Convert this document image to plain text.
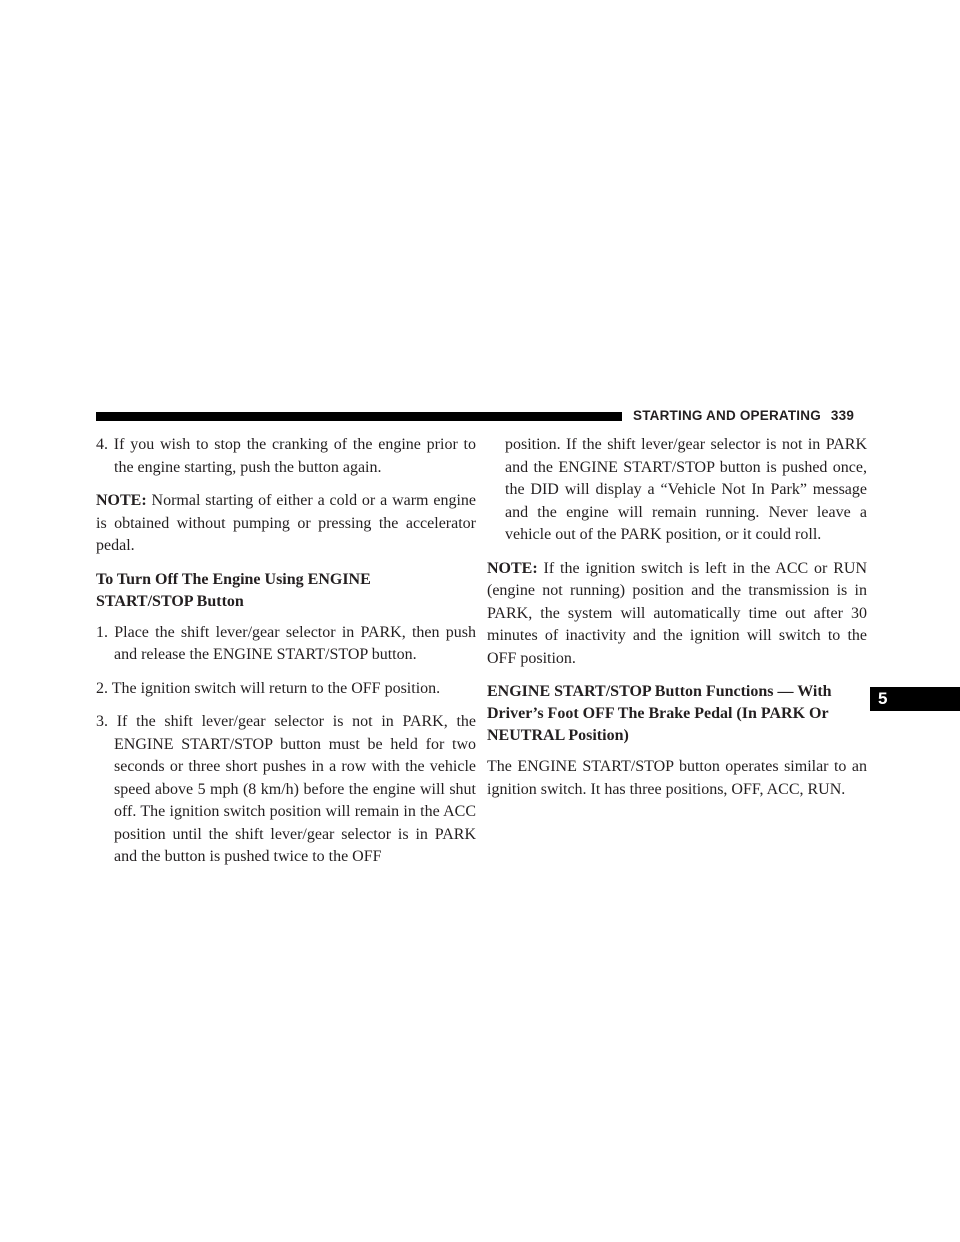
STARTING AND OPERATING 339
5

4. If you wish to stop the cranking of the engine prior to the engine starting, push the button again.

NOTE: Normal starting of either a cold or a warm engine is obtained without pumping or pressing the accelerator pedal.

To Turn Off The Engine Using ENGINE
START/STOP Button

1. Place the shift lever/gear selector in PARK, then push and release the ENGINE START/STOP button.

2. The ignition switch will return to the OFF position.

3. If the shift lever/gear selector is not in PARK, the ENGINE START/STOP button must be held for two seconds or three short pushes in a row with the vehicle speed above 5 mph (8 km/h) before the engine will shut off. The ignition switch position will remain in the ACC position until the shift lever/gear selector is in PARK and the button is pushed twice to the OFF

position. If the shift lever/gear selector is not in PARK and the ENGINE START/STOP button is pushed once, the DID will display a “Vehicle Not In Park” message and the engine will remain running. Never leave a vehicle out of the PARK position, or it could roll.

NOTE: If the ignition switch is left in the ACC or RUN (engine not running) position and the transmission is in PARK, the system will automatically time out after 30 minutes of inactivity and the ignition will switch to the OFF position.

ENGINE START/STOP Button Functions — With
Driver’s Foot OFF The Brake Pedal (In PARK Or
NEUTRAL Position)

The ENGINE START/STOP button operates similar to an ignition switch. It has three positions, OFF, ACC, RUN.
